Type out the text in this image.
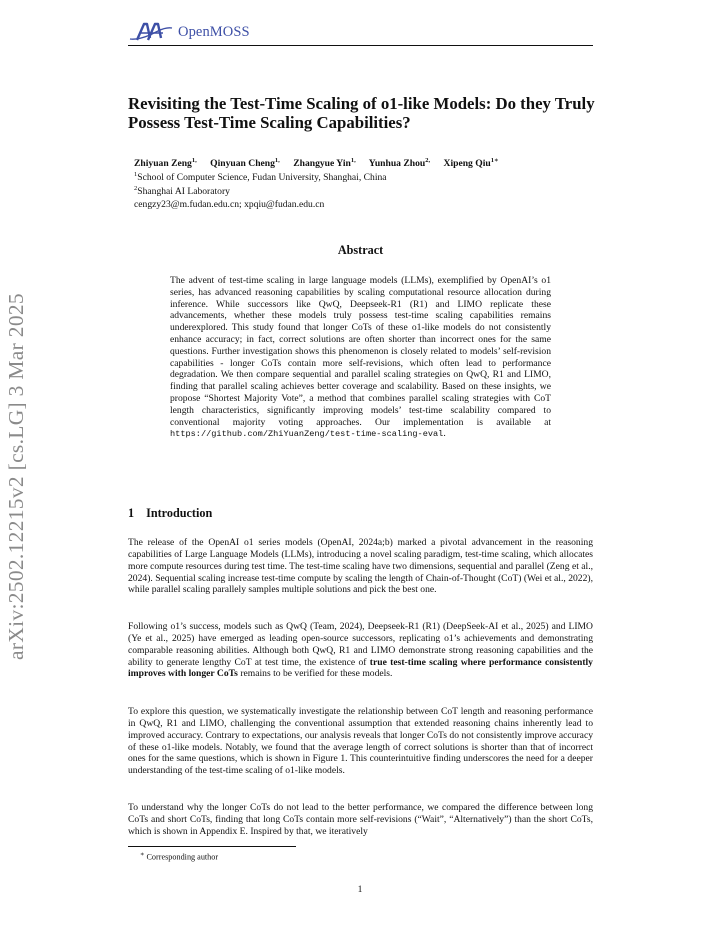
OpenMOSS
arXiv:2502.12215v2 [cs.LG] 3 Mar 2025
Revisiting the Test-Time Scaling of o1-like Models: Do they Truly Possess Test-Time Scaling Capabilities?
Zhiyuan Zeng$^{1,}$ Qinyuan Cheng$^{1,}$ Zhangyue Yin$^{1,}$ Yunhua Zhou$^{2,}$ Xipeng Qiu$^{1∗}$
$^1$School of Computer Science, Fudan University, Shanghai, China
$^2$Shanghai AI Laboratory
cengzy23@m.fudan.edu.cn; xpqiu@fudan.edu.cn
Abstract
The advent of test-time scaling in large language models (LLMs), exemplified by OpenAI’s o1 series, has advanced reasoning capabilities by scaling computational resource allocation during inference. While successors like QwQ, Deepseek-R1 (R1) and LIMO replicate these advancements, whether these models truly possess test-time scaling capabilities remains underexplored. This study found that longer CoTs of these o1-like models do not consistently enhance accuracy; in fact, correct solutions are often shorter than incorrect ones for the same questions. Further investigation shows this phenomenon is closely related to models’ self-revision capabilities - longer CoTs contain more self-revisions, which often lead to performance degradation. We then compare sequential and parallel scaling strategies on QwQ, R1 and LIMO, finding that parallel scaling achieves better coverage and scalability. Based on these insights, we propose “Shortest Majority Vote”, a method that combines parallel scaling strategies with CoT length characteristics, significantly improving models’ test-time scalability compared to conventional majority voting approaches. Our implementation is available at https://github.com/ZhiYuanZeng/test-time-scaling-eval.
1 Introduction
The release of the OpenAI o1 series models (OpenAI, 2024a;b) marked a pivotal advancement in the reasoning capabilities of Large Language Models (LLMs), introducing a novel scaling paradigm, test-time scaling, which allocates more compute resources during test time. The test-time scaling have two dimensions, sequential and parallel (Zeng et al., 2024). Sequential scaling increase test-time compute by scaling the length of Chain-of-Thought (CoT) (Wei et al., 2022), while parallel scaling parallely samples multiple solutions and pick the best one.
Following o1’s success, models such as QwQ (Team, 2024), Deepseek-R1 (R1) (DeepSeek-AI et al., 2025) and LIMO (Ye et al., 2025) have emerged as leading open-source successors, replicating o1’s achievements and demonstrating comparable reasoning abilities. Although both QwQ, R1 and LIMO demonstrate strong reasoning capabilities and the ability to generate lengthy CoT at test time, the existence of true test-time scaling where performance consistently improves with longer CoTs remains to be verified for these models.
To explore this question, we systematically investigate the relationship between CoT length and reasoning performance in QwQ, R1 and LIMO, challenging the conventional assumption that extended reasoning chains inherently lead to improved accuracy. Contrary to expectations, our analysis reveals that longer CoTs do not consistently improve accuracy of these o1-like models. Notably, we found that the average length of correct solutions is shorter than that of incorrect ones for the same questions, which is shown in Figure 1. This counterintuitive finding underscores the need for a deeper understanding of the test-time scaling of o1-like models.
To understand why the longer CoTs do not lead to the better performance, we compared the difference between long CoTs and short CoTs, finding that long CoTs contain more self-revisions (“Wait”, “Alternatively”) than the short CoTs, which is shown in Appendix E. Inspired by that, we iteratively
∗ Corresponding author
1
